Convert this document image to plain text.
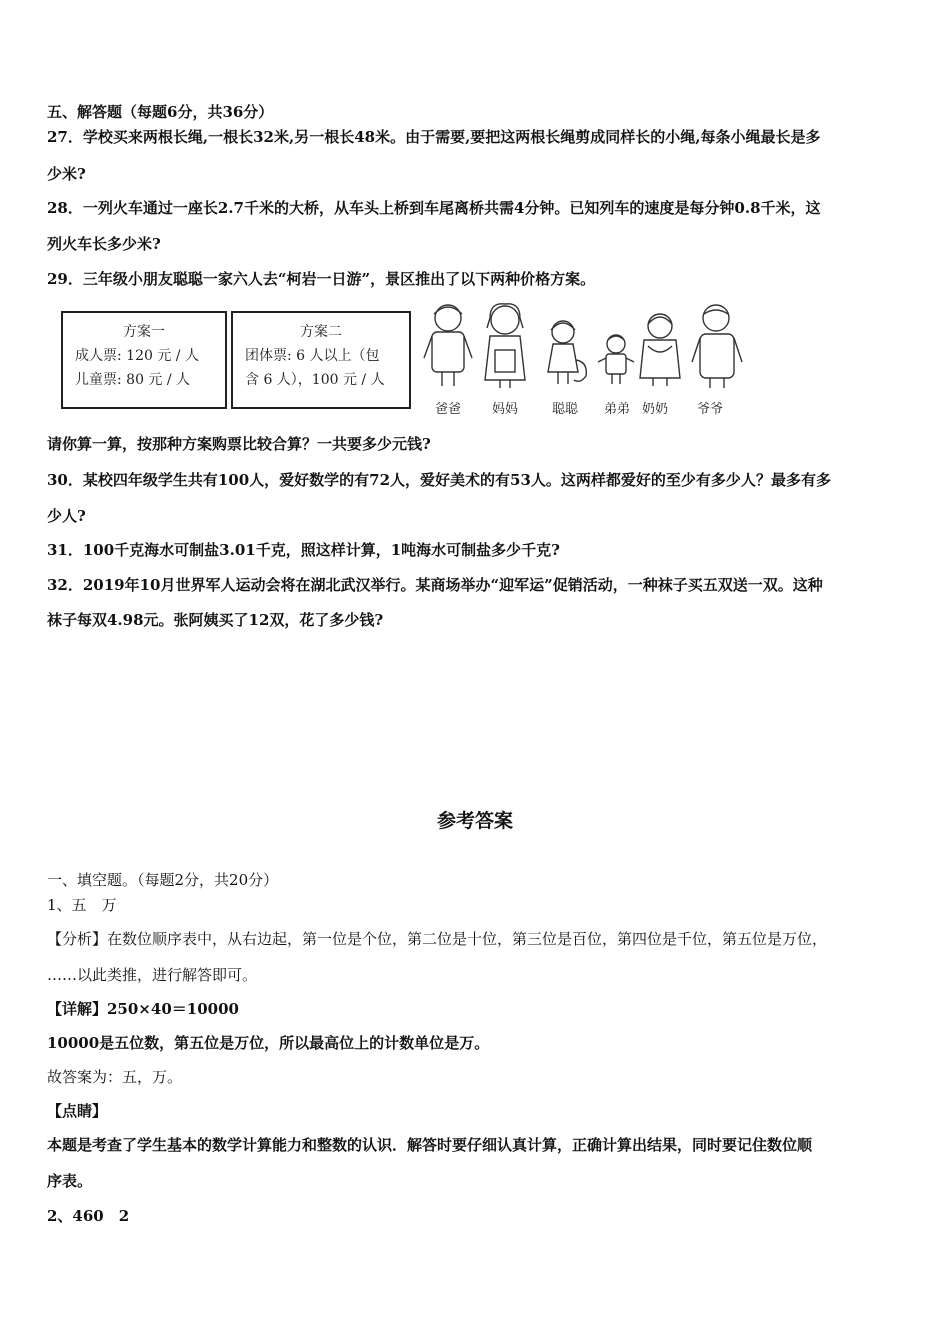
五、解答题（每题6分，共36分）
27．学校买来两根长绳,一根长32米,另一根长48米。由于需要,要把这两根长绳剪成同样长的小绳,每条小绳最长是多
少米?
28．一列火车通过一座长2.7千米的大桥，从车头上桥到车尾离桥共需4分钟。已知列车的速度是每分钟0.8千米，这
列火车长多少米?
29．三年级小朋友聪聪一家六人去“柯岩一日游”，景区推出了以下两种价格方案。
方案一
成人票: 120 元 / 人
儿童票: 80 元 / 人
方案二
团体票: 6 人以上（包
含 6 人），100 元 / 人
爸爸 妈妈	聪聪 弟弟 奶奶 爷爷
请你算一算，按那种方案购票比较合算？一共要多少元钱?
30．某校四年级学生共有100人，爱好数学的有72人，爱好美术的有53人。这两样都爱好的至少有多少人？最多有多
少人?
31．100千克海水可制盐3.01千克，照这样计算，1吨海水可制盐多少千克?
32．2019年10月世界军人运动会将在湖北武汉举行。某商场举办“迎军运”促销活动，一种袜子买五双送一双。这种
袜子每双4.98元。张阿姨买了12双，花了多少钱?
参考答案
一、填空题。（每题2分，共20分）
1、五　万
【分析】在数位顺序表中，从右边起，第一位是个位，第二位是十位，第三位是百位，第四位是千位，第五位是万位，
……以此类推，进行解答即可。
【详解】250×40＝10000
10000是五位数，第五位是万位，所以最高位上的计数单位是万。
故答案为：五，万。
【点睛】
本题是考查了学生基本的数学计算能力和整数的认识．解答时要仔细认真计算，正确计算出结果，同时要记住数位顺
序表。
2、460　2
